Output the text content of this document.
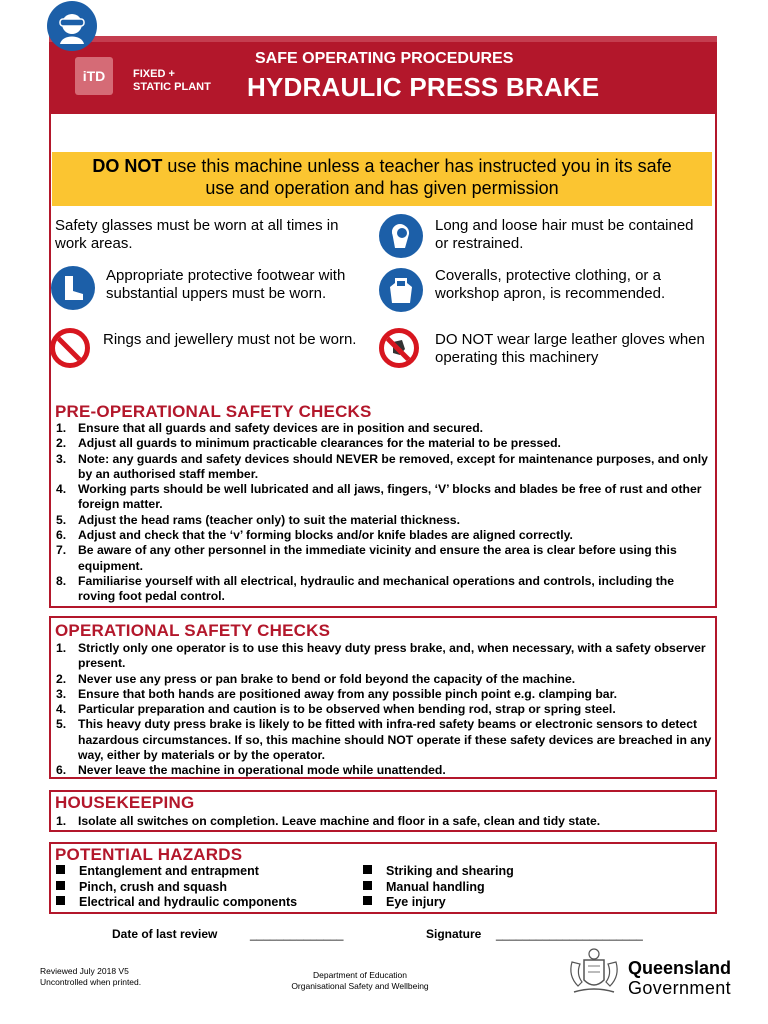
iTD	FIXED +
STATIC PLANT
SAFE OPERATING PROCEDURES
HYDRAULIC PRESS BRAKE
DO NOT use this machine unless a teacher has instructed you in its safe
use and operation and has given permission
Safety glasses must be worn at all times in work areas.
Long and loose hair must be contained or restrained.
Appropriate protective footwear with substantial uppers must be worn.
Coveralls, protective clothing, or a workshop apron, is recommended.
Rings and jewellery must not be worn.	DO NOT wear large leather gloves when operating this machinery
PRE-OPERATIONAL SAFETY CHECKS
1. Ensure that all guards and safety devices are in position and secured.
2. Adjust all guards to minimum practicable clearances for the material to be pressed.
3. Note: any guards and safety devices should NEVER be removed, except for maintenance purposes, and only by an authorised staff member.
4. Working parts should be well lubricated and all jaws, fingers, ‘V’ blocks and blades be free of rust and other foreign matter.
5. Adjust the head rams (teacher only) to suit the material thickness.
6. Adjust and check that the ‘v’ forming blocks and/or knife blades are aligned correctly.
7. Be aware of any other personnel in the immediate vicinity and ensure the area is clear before using this equipment.
8. Familiarise yourself with all electrical, hydraulic and mechanical operations and controls, including the roving foot pedal control.
OPERATIONAL SAFETY CHECKS
1. Strictly only one operator is to use this heavy duty press brake, and, when necessary, with a safety observer present.
2. Never use any press or pan brake to bend or fold beyond the capacity of the machine.
3. Ensure that both hands are positioned away from any possible pinch point e.g. clamping bar.
4. Particular preparation and caution is to be observed when bending rod, strap or spring steel.
5. This heavy duty press brake is likely to be fitted with infra-red safety beams or electronic sensors to detect hazardous circumstances. If so, this machine should NOT operate if these safety devices are breached in any way, either by materials or by the operator.
6. Never leave the machine in operational mode while unattended.
HOUSEKEEPING
1. Isolate all switches on completion. Leave machine and floor in a safe, clean and tidy state.
POTENTIAL HAZARDS
Entanglement and entrapment
Pinch, crush and squash
Electrical and hydraulic components
Striking and shearing
Manual handling
Eye injury
Date of last review	______________	Signature ______________________
Reviewed July 2018 V5
Uncontrolled when printed.
Department of Education
Organisational Safety and Wellbeing
Queensland
Government
